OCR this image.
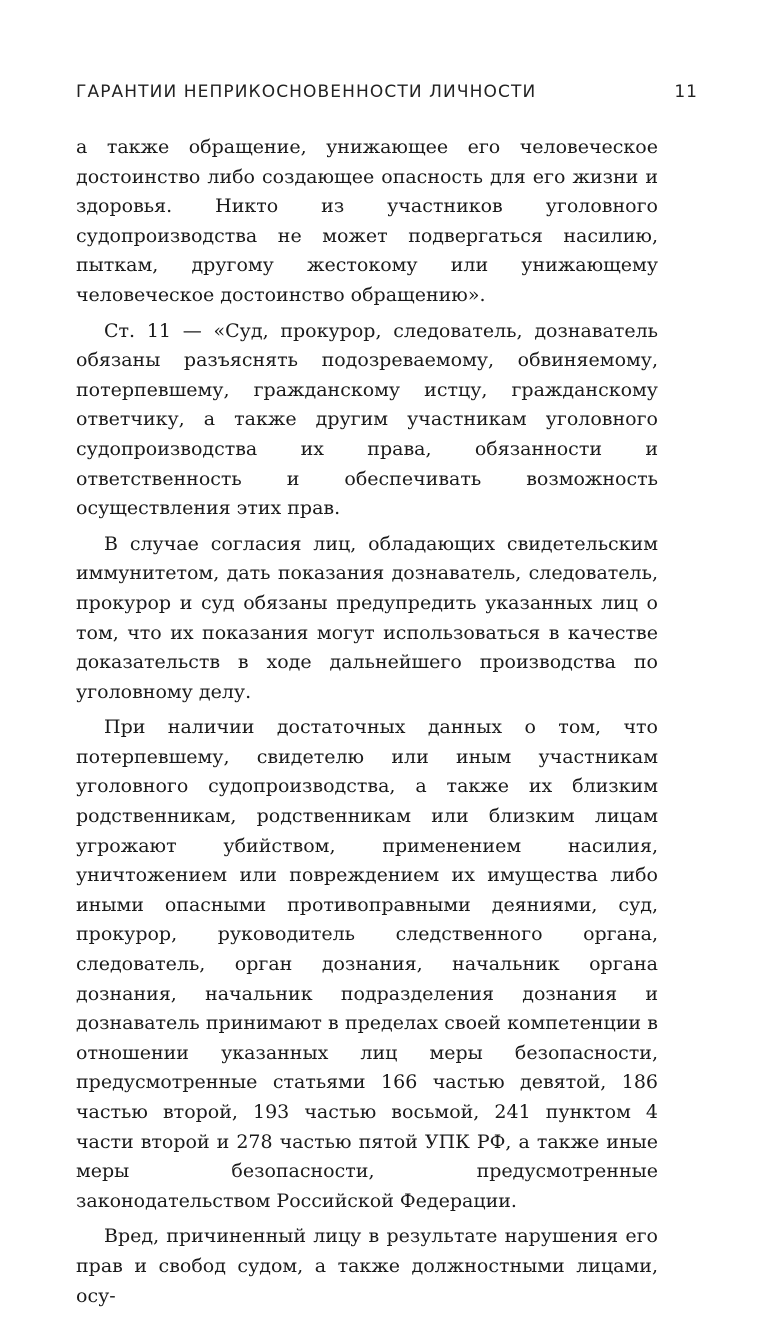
ГАРАНТИИ НЕПРИКОСНОВЕННОСТИ ЛИЧНОСТИ	11

а также обращение, унижающее его человеческое достоинство либо создающее опасность для его жизни и здоровья. Никто из участников уголовного судопроизводства не может подвергаться насилию, пыткам, другому жестокому или унижающему человеческое достоинство обращению».

Ст. 11 — «Суд, прокурор, следователь, дознаватель обязаны разъяснять подозреваемому, обвиняемому, потерпевшему, гражданскому истцу, гражданскому ответчику, а также другим участникам уголовного судопроизводства их права, обязанности и ответственность и обеспечивать возможность осуществления этих прав.

В случае согласия лиц, обладающих свидетельским иммунитетом, дать показания дознаватель, следователь, прокурор и суд обязаны предупредить указанных лиц о том, что их показания могут использоваться в качестве доказательств в ходе дальнейшего производства по уголовному делу.

При наличии достаточных данных о том, что потерпевшему, свидетелю или иным участникам уголовного судопроизводства, а также их близким родственникам, родственникам или близким лицам угрожают убийством, применением насилия, уничтожением или повреждением их имущества либо иными опасными противоправными деяниями, суд, прокурор, руководитель следственного органа, следователь, орган дознания, начальник органа дознания, начальник подразделения дознания и дознаватель принимают в пределах своей компетенции в отношении указанных лиц меры безопасности, предусмотренные статьями 166 частью девятой, 186 частью второй, 193 частью восьмой, 241 пунктом 4 части второй и 278 частью пятой УПК РФ, а также иные меры безопасности, предусмотренные законодательством Российской Федерации.

Вред, причиненный лицу в результате нарушения его прав и свобод судом, а также должностными лицами, осу-
